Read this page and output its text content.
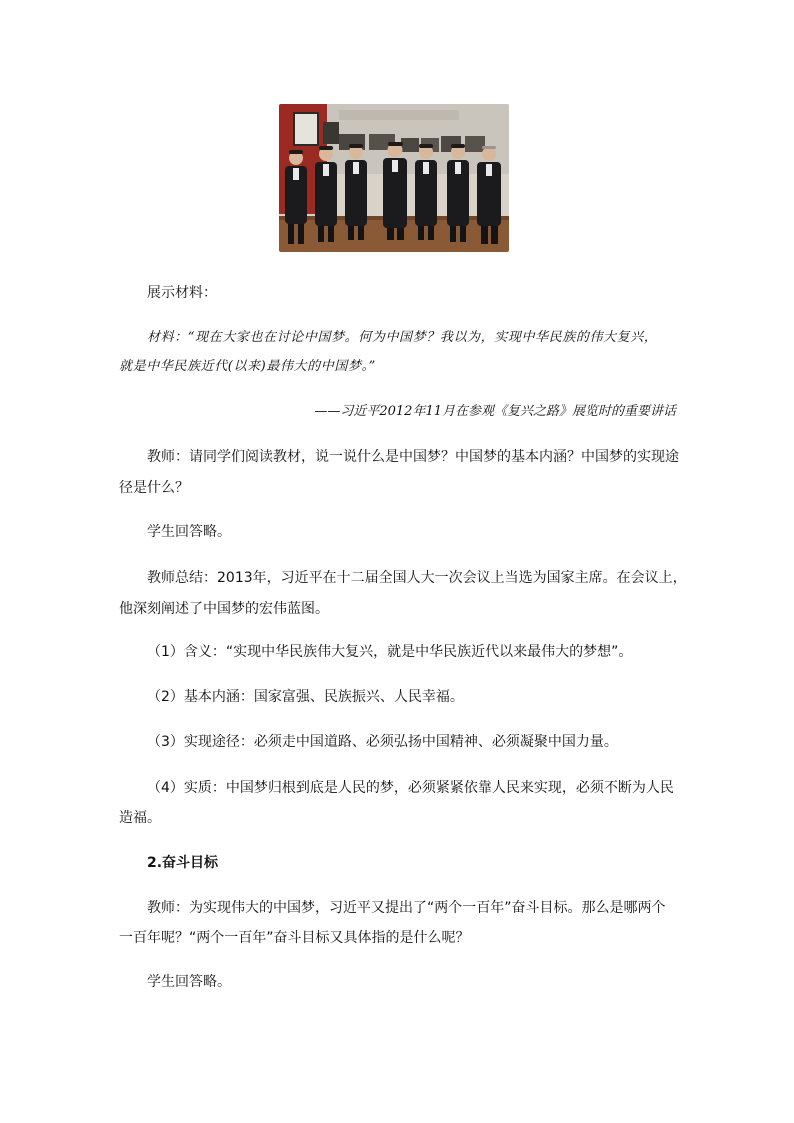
展示材料：
材料：“现在大家也在讨论中国梦。何为中国梦？我以为，实现中华民族的伟大复兴，
就是中华民族近代(以来)最伟大的中国梦。”
——习近平2012年11月在参观《复兴之路》展览时的重要讲话
教师：请同学们阅读教材，说一说什么是中国梦？中国梦的基本内涵？中国梦的实现途
径是什么？
学生回答略。
教师总结：2013年，习近平在十二届全国人大一次会议上当选为国家主席。在会议上，
他深刻阐述了中国梦的宏伟蓝图。
（1）含义：“实现中华民族伟大复兴，就是中华民族近代以来最伟大的梦想”。
（2）基本内涵：国家富强、民族振兴、人民幸福。
（3）实现途径：必须走中国道路、必须弘扬中国精神、必须凝聚中国力量。
（4）实质：中国梦归根到底是人民的梦，必须紧紧依靠人民来实现，必须不断为人民
造福。
2.奋斗目标
教师：为实现伟大的中国梦，习近平又提出了“两个一百年”奋斗目标。那么是哪两个
一百年呢？“两个一百年”奋斗目标又具体指的是什么呢？
学生回答略。
